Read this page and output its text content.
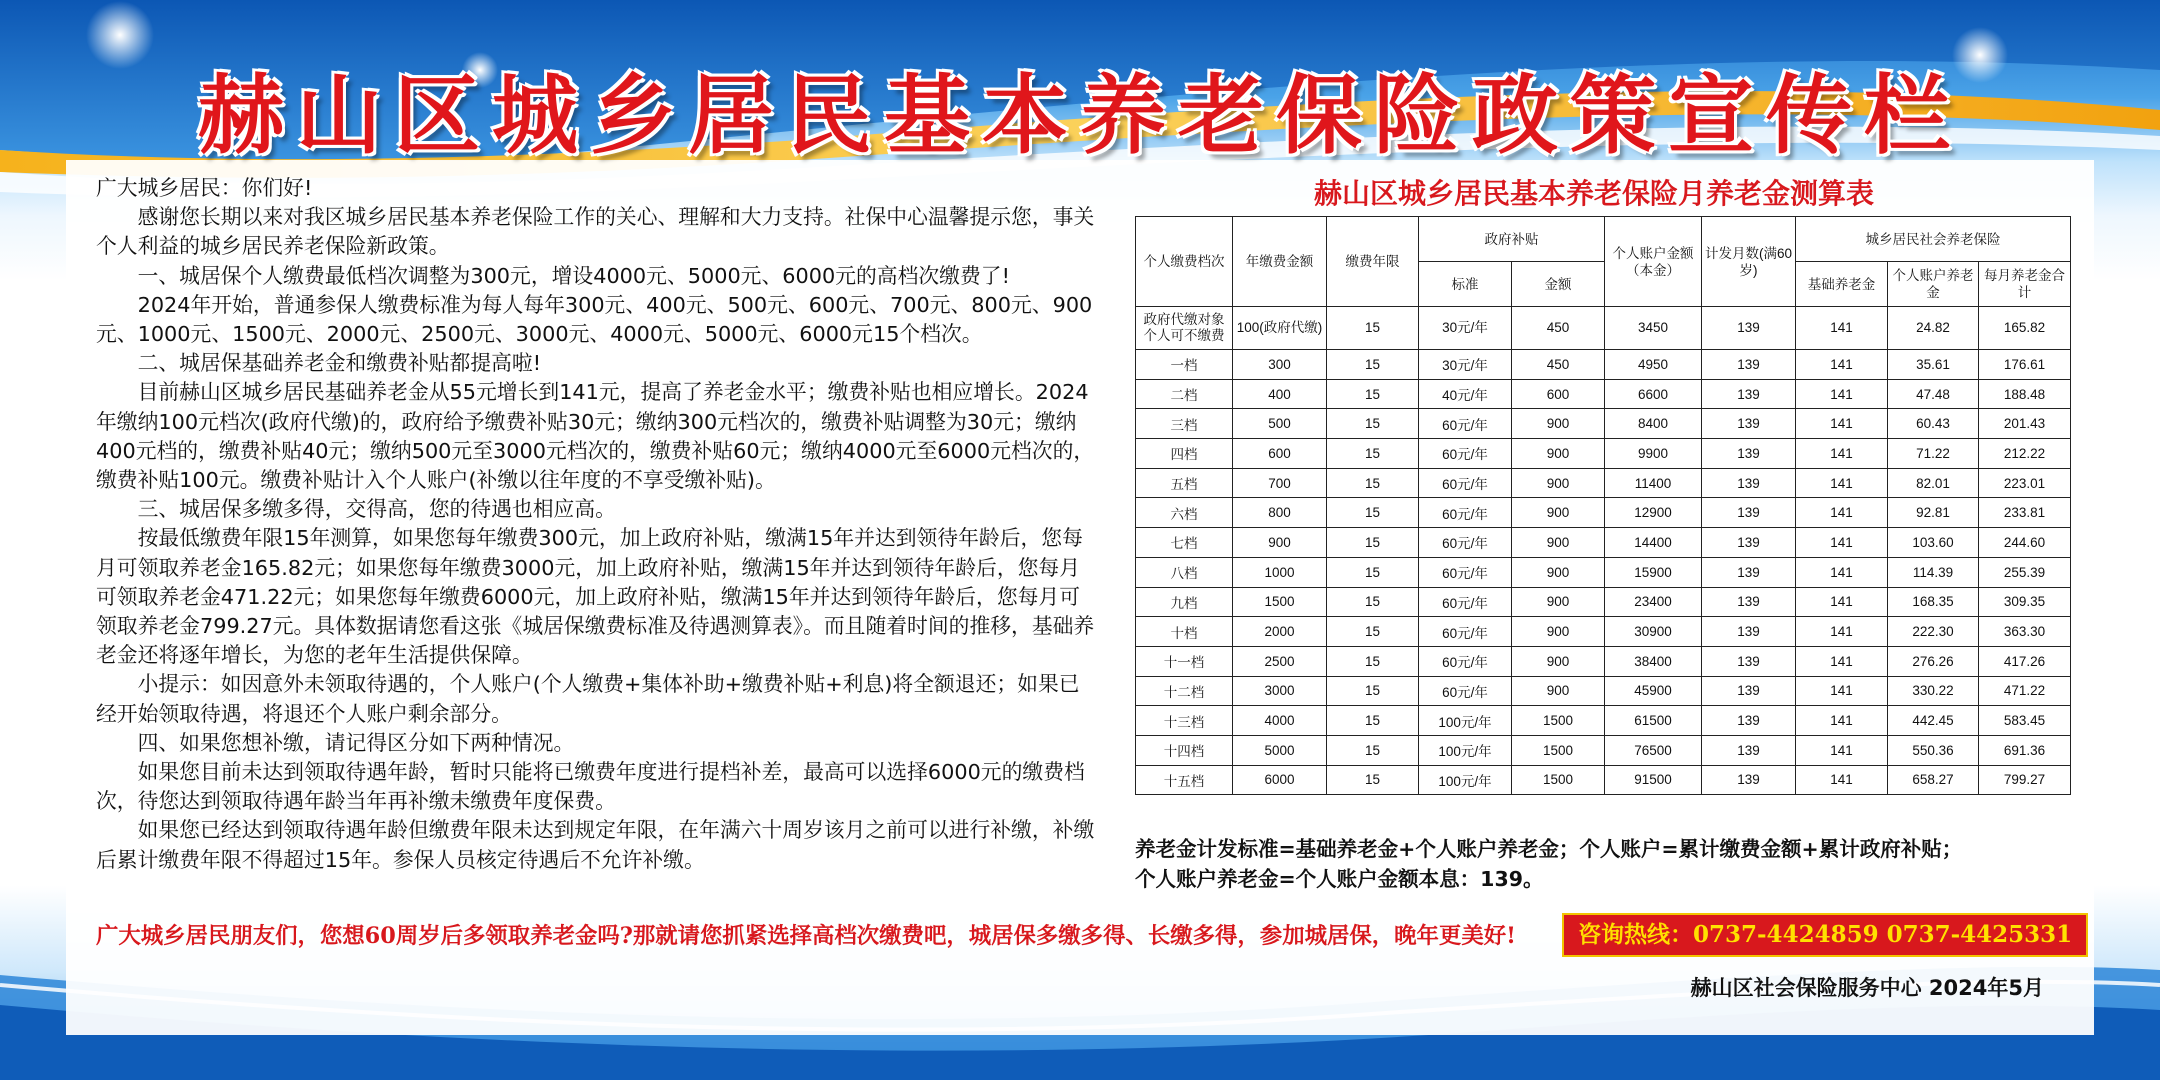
赫山区城乡居民基本养老保险政策宣传栏

广大城乡居民：你们好!

感谢您长期以来对我区城乡居民基本养老保险工作的关心、理解和大力支持。社保中心温馨提示您，事关个人利益的城乡居民养老保险新政策。

一、城居保个人缴费最低档次调整为300元，增设4000元、5000元、6000元的高档次缴费了!

2024年开始，普通参保人缴费标准为每人每年300元、400元、500元、600元、700元、800元、900元、1000元、1500元、2000元、2500元、3000元、4000元、5000元、6000元15个档次。

二、城居保基础养老金和缴费补贴都提高啦!

目前赫山区城乡居民基础养老金从55元增长到141元，提高了养老金水平；缴费补贴也相应增长。2024年缴纳100元档次(政府代缴)的，政府给予缴费补贴30元；缴纳300元档次的，缴费补贴调整为30元；缴纳400元档的，缴费补贴40元；缴纳500元至3000元档次的，缴费补贴60元；缴纳4000元至6000元档次的，缴费补贴100元。缴费补贴计入个人账户(补缴以往年度的不享受缴补贴)。

三、城居保多缴多得，交得高，您的待遇也相应高。

按最低缴费年限15年测算，如果您每年缴费300元，加上政府补贴，缴满15年并达到领待年龄后，您每月可领取养老金165.82元；如果您每年缴费3000元，加上政府补贴，缴满15年并达到领待年龄后，您每月可领取养老金471.22元；如果您每年缴费6000元，加上政府补贴，缴满15年并达到领待年龄后，您每月可领取养老金799.27元。具体数据请您看这张《城居保缴费标准及待遇测算表》。而且随着时间的推移，基础养老金还将逐年增长，为您的老年生活提供保障。

小提示：如因意外未领取待遇的，个人账户(个人缴费+集体补助+缴费补贴+利息)将全额退还；如果已经开始领取待遇，将退还个人账户剩余部分。

四、如果您想补缴，请记得区分如下两种情况。

如果您目前未达到领取待遇年龄，暂时只能将已缴费年度进行提档补差，最高可以选择6000元的缴费档次，待您达到领取待遇年龄当年再补缴未缴费年度保费。

如果您已经达到领取待遇年龄但缴费年限未达到规定年限，在年满六十周岁该月之前可以进行补缴，补缴后累计缴费年限不得超过15年。参保人员核定待遇后不允许补缴。

赫山区城乡居民基本养老保险月养老金测算表
个人缴费档次	年缴费金额	缴费年限	政府补贴		个人账户金额（本金）	计发月数(满60岁)	城乡居民社会养老保险		
			标准	金额			基础养老金	个人账户养老金	每月养老金合计
政府代缴对象个人可不缴费	100(政府代缴)	15	30元/年	450	3450	139	141	24.82	165.82
一档	300	15	30元/年	450	4950	139	141	35.61	176.61
二档	400	15	40元/年	600	6600	139	141	47.48	188.48
三档	500	15	60元/年	900	8400	139	141	60.43	201.43
四档	600	15	60元/年	900	9900	139	141	71.22	212.22
五档	700	15	60元/年	900	11400	139	141	82.01	223.01
六档	800	15	60元/年	900	12900	139	141	92.81	233.81
七档	900	15	60元/年	900	14400	139	141	103.60	244.60
八档	1000	15	60元/年	900	15900	139	141	114.39	255.39
九档	1500	15	60元/年	900	23400	139	141	168.35	309.35
十档	2000	15	60元/年	900	30900	139	141	222.30	363.30
十一档	2500	15	60元/年	900	38400	139	141	276.26	417.26
十二档	3000	15	60元/年	900	45900	139	141	330.22	471.22
十三档	4000	15	100元/年	1500	61500	139	141	442.45	583.45
十四档	5000	15	100元/年	1500	76500	139	141	550.36	691.36
十五档	6000	15	100元/年	1500	91500	139	141	658.27	799.27

养老金计发标准=基础养老金+个人账户养老金；个人账户=累计缴费金额+累计政府补贴；

个人账户养老金=个人账户金额本息：139。

广大城乡居民朋友们，您想60周岁后多领取养老金吗?那就请您抓紧选择高档次缴费吧，城居保多缴多得、长缴多得，参加城居保，晚年更美好!	咨询热线：0737-4424859 0737-4425331
赫山区社会保险服务中心 2024年5月
